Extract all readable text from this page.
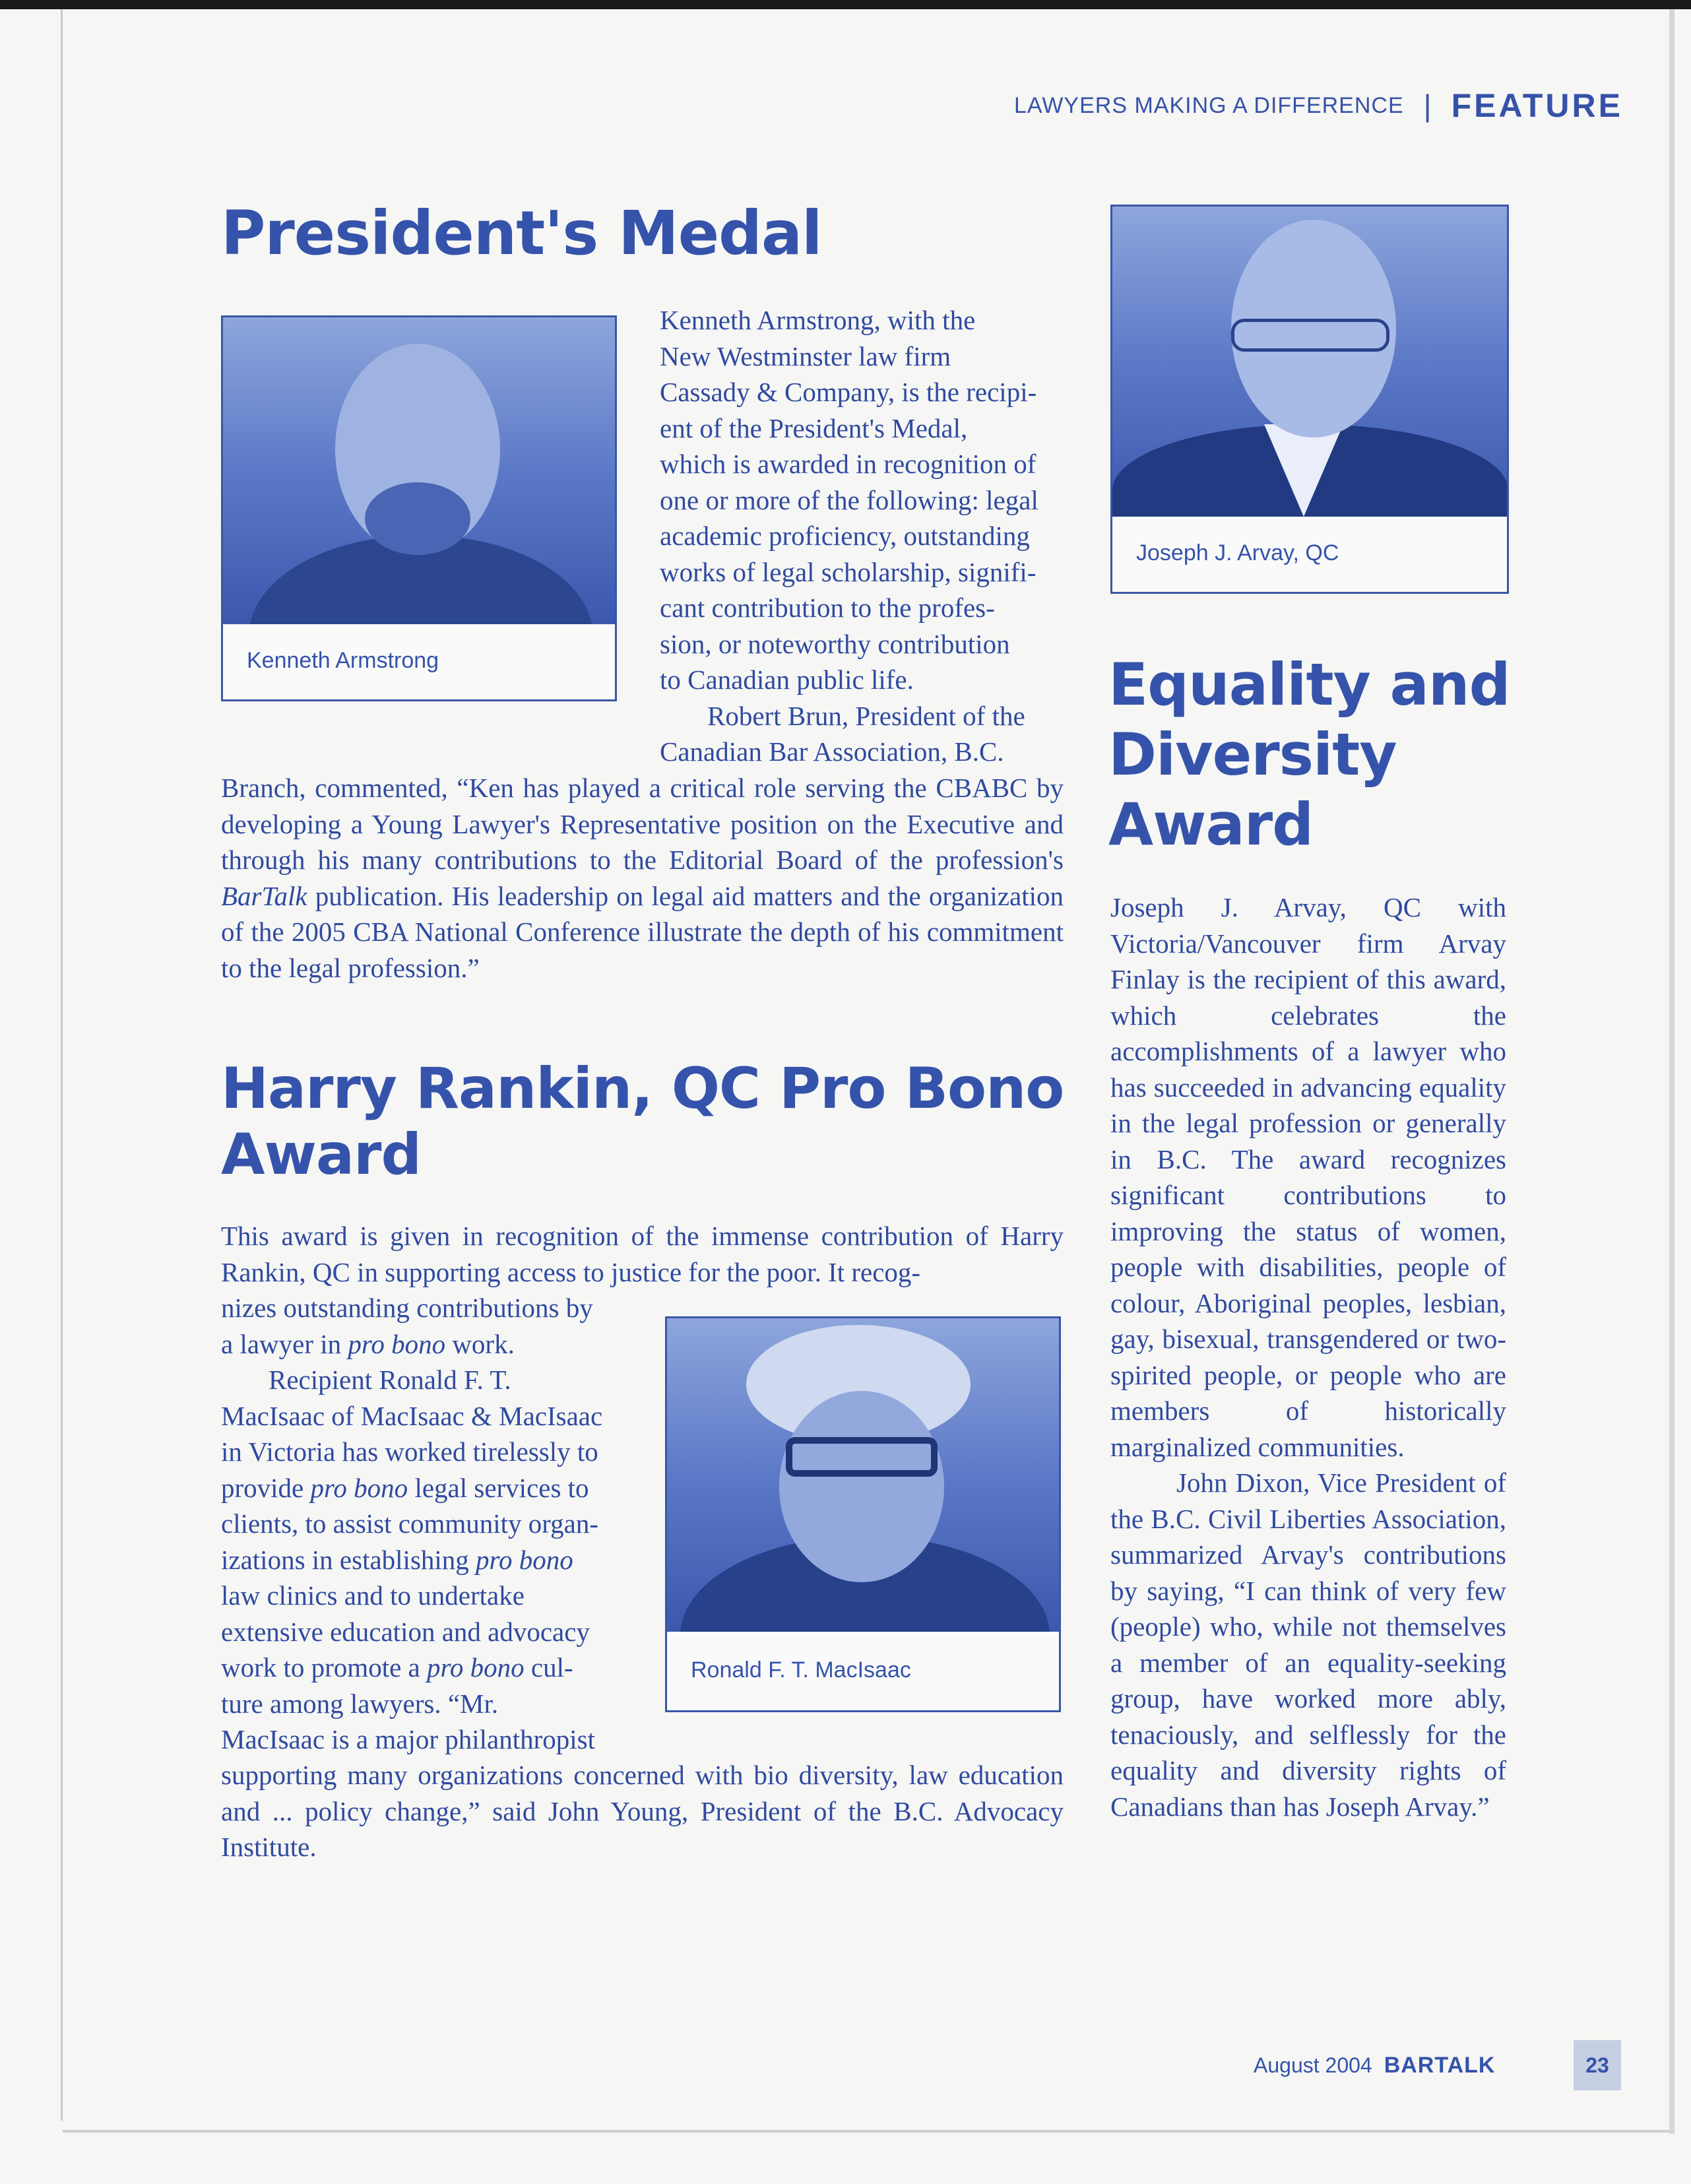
LAWYERS MAKING A DIFFERENCE | FEATURE
President's Medal
Kenneth Armstrong

Kenneth Armstrong, with the

New Westminster law firm

Cassady & Company, is the recipi-

ent of the President's Medal,

which is awarded in recognition of

one or more of the following: legal

academic proficiency, outstanding

works of legal scholarship, signifi-

cant contribution to the profes-

sion, or noteworthy contribution

to Canadian public life.

Robert Brun, President of the

Canadian Bar Association, B.C.

Branch, commented, “Ken has played a critical role serving the CBABC by developing a Young Lawyer's Representative position on the Executive and through his many contributions to the Editorial Board of the profession's BarTalk publication. His leadership on legal aid matters and the organization of the 2005 CBA National Conference illustrate the depth of his commitment to the legal profession.”

Harry Rankin, QC Pro Bono Award

This award is given in recognition of the immense contribution of Harry Rankin, QC in supporting access to justice for the poor. It recog-

nizes outstanding contributions by

a lawyer in pro bono work.

Ronald F. T. MacIsaac

Recipient Ronald F. T.

MacIsaac of MacIsaac & MacIsaac

in Victoria has worked tirelessly to

provide pro bono legal services to

clients, to assist community organ-

izations in establishing pro bono

law clinics and to undertake

extensive education and advocacy

work to promote a pro bono cul-

ture among lawyers. “Mr.

MacIsaac is a major philanthropist

supporting many organizations concerned with bio diversity, law education and ... policy change,” said John Young, President of the B.C. Advocacy Institute.

Joseph J. Arvay, QC
Equality and
Diversity
Award

Joseph J. Arvay, QC with Victoria/Vancouver firm Arvay Finlay is the recipient of this award, which celebrates the accomplishments of a lawyer who has succeeded in advancing equality in the legal profession or generally in B.C. The award recognizes significant contributions to improving the status of women, people with disabilities, people of colour, Aboriginal peoples, lesbian, gay, bisexual, transgendered or two-spirited people, or people who are members of historically marginalized communities.

John Dixon, Vice President of the B.C. Civil Liberties Association, summarized Arvay's contributions by saying, “I can think of very few (people) who, while not themselves a member of an equality-seeking group, have worked more ably, tenaciously, and selflessly for the equality and diversity rights of Canadians than has Joseph Arvay.”

August 2004 BARTALK	23
